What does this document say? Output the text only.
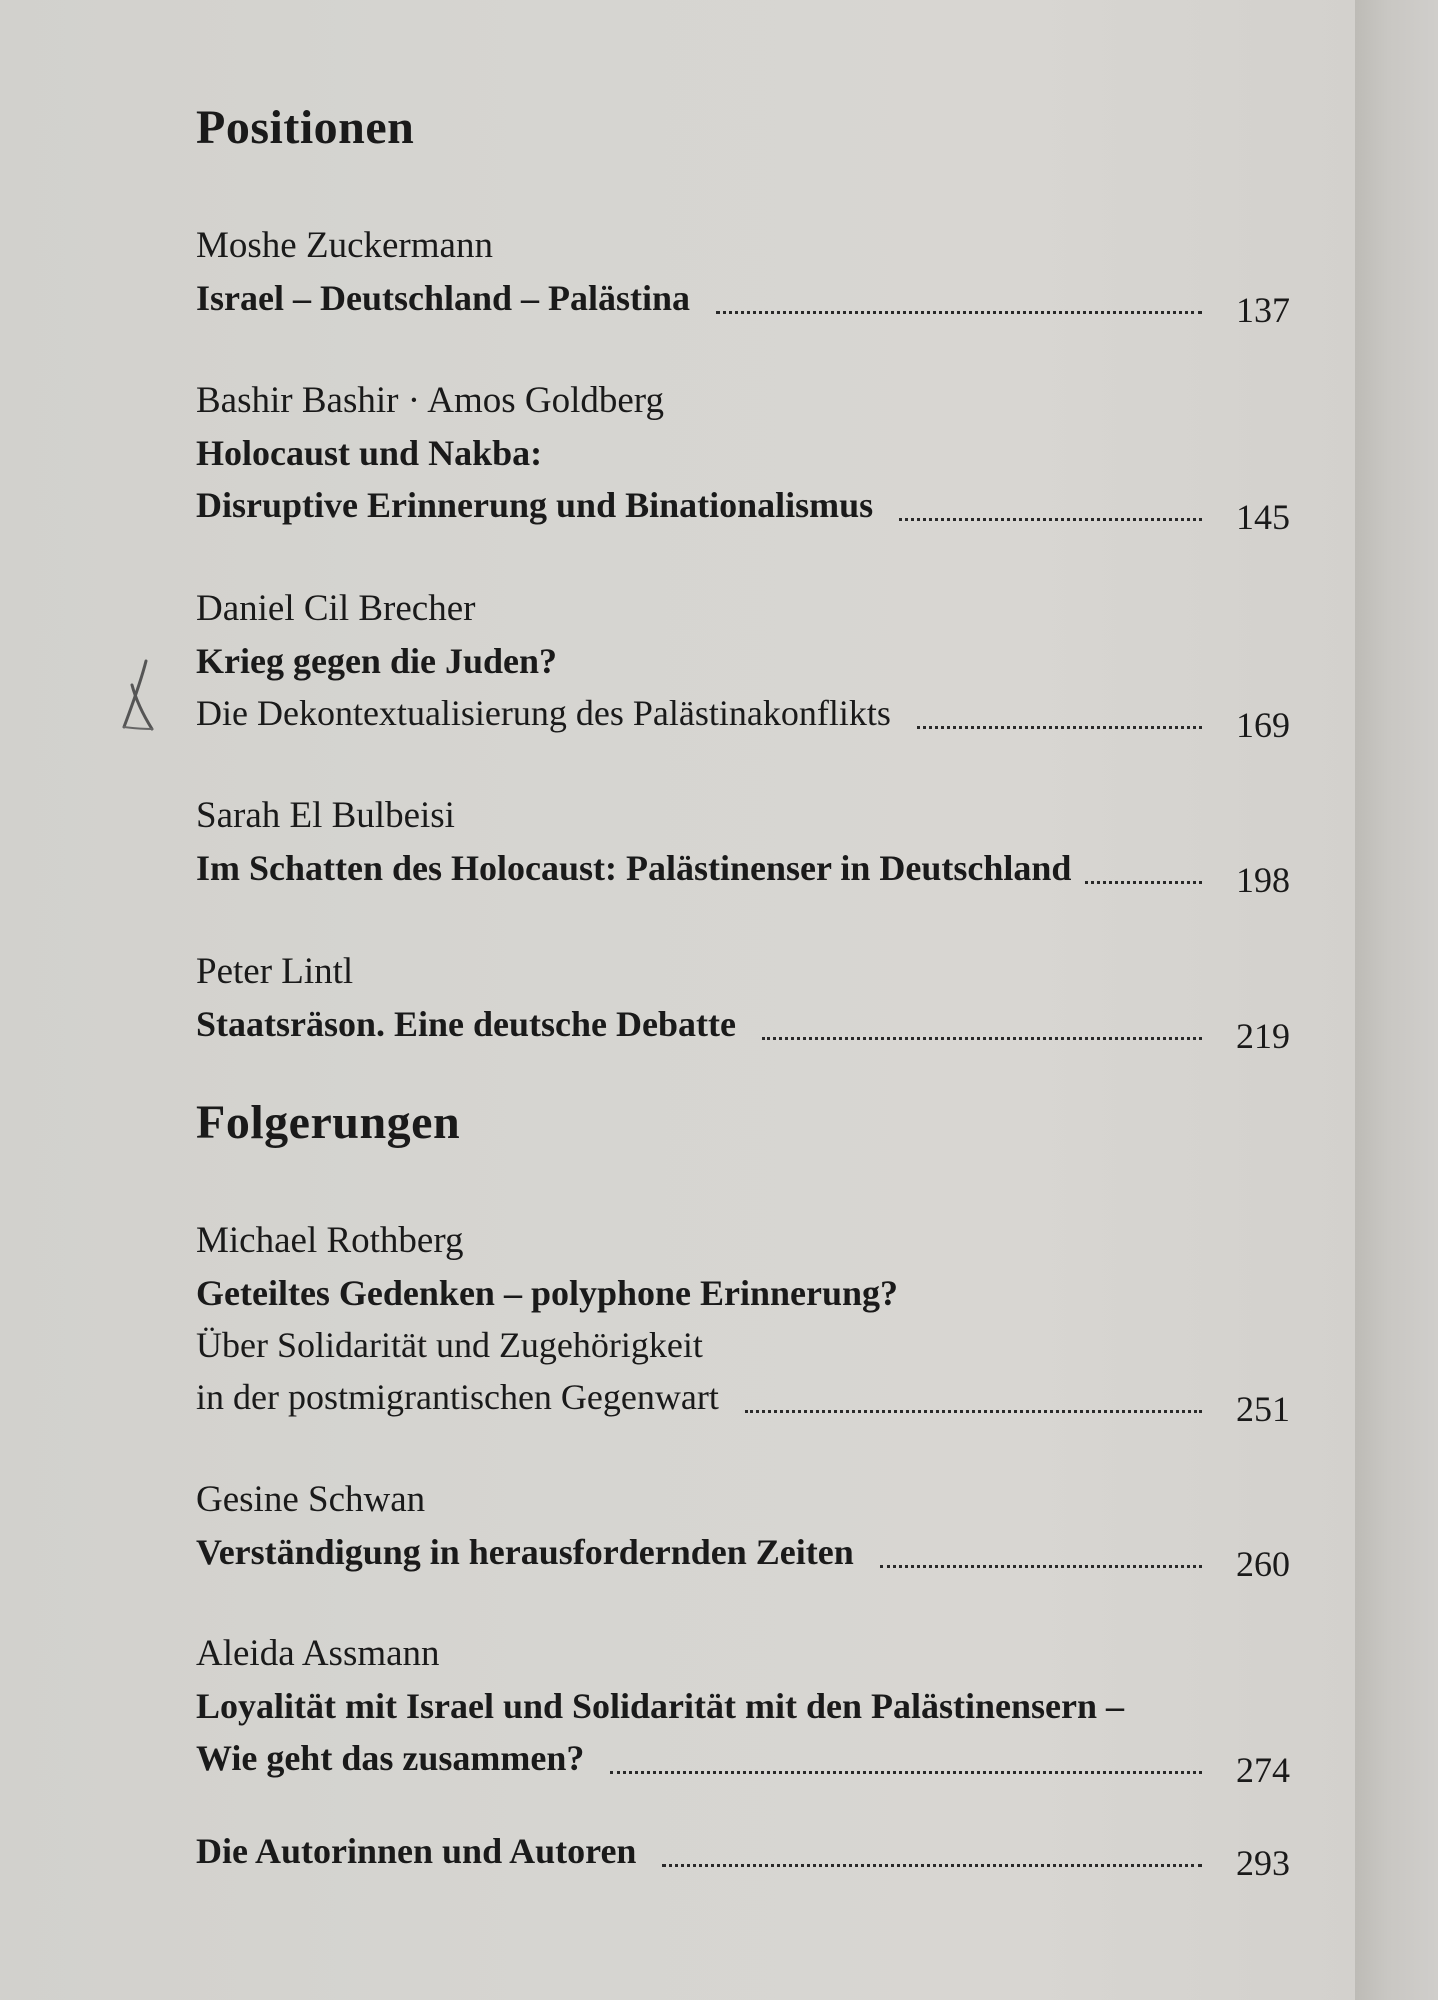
Positionen
Moshe Zuckermann
Israel – Deutschland – Palästina	137
Bashir Bashir · Amos Goldberg
Holocaust und Nakba:
Disruptive Erinnerung und Binationalismus	145
Daniel Cil Brecher
Krieg gegen die Juden?
Die Dekontextualisierung des Palästinakonflikts	169
Sarah El Bulbeisi
Im Schatten des Holocaust: Palästinenser in Deutschland	198
Peter Lintl
Staatsräson. Eine deutsche Debatte	219
Folgerungen
Michael Rothberg
Geteiltes Gedenken – polyphone Erinnerung?
Über Solidarität und Zugehörigkeit
in der postmigrantischen Gegenwart	251
Gesine Schwan
Verständigung in herausfordernden Zeiten	260
Aleida Assmann
Loyalität mit Israel und Solidarität mit den Palästinensern –
Wie geht das zusammen?	274
Die Autorinnen und Autoren	293
